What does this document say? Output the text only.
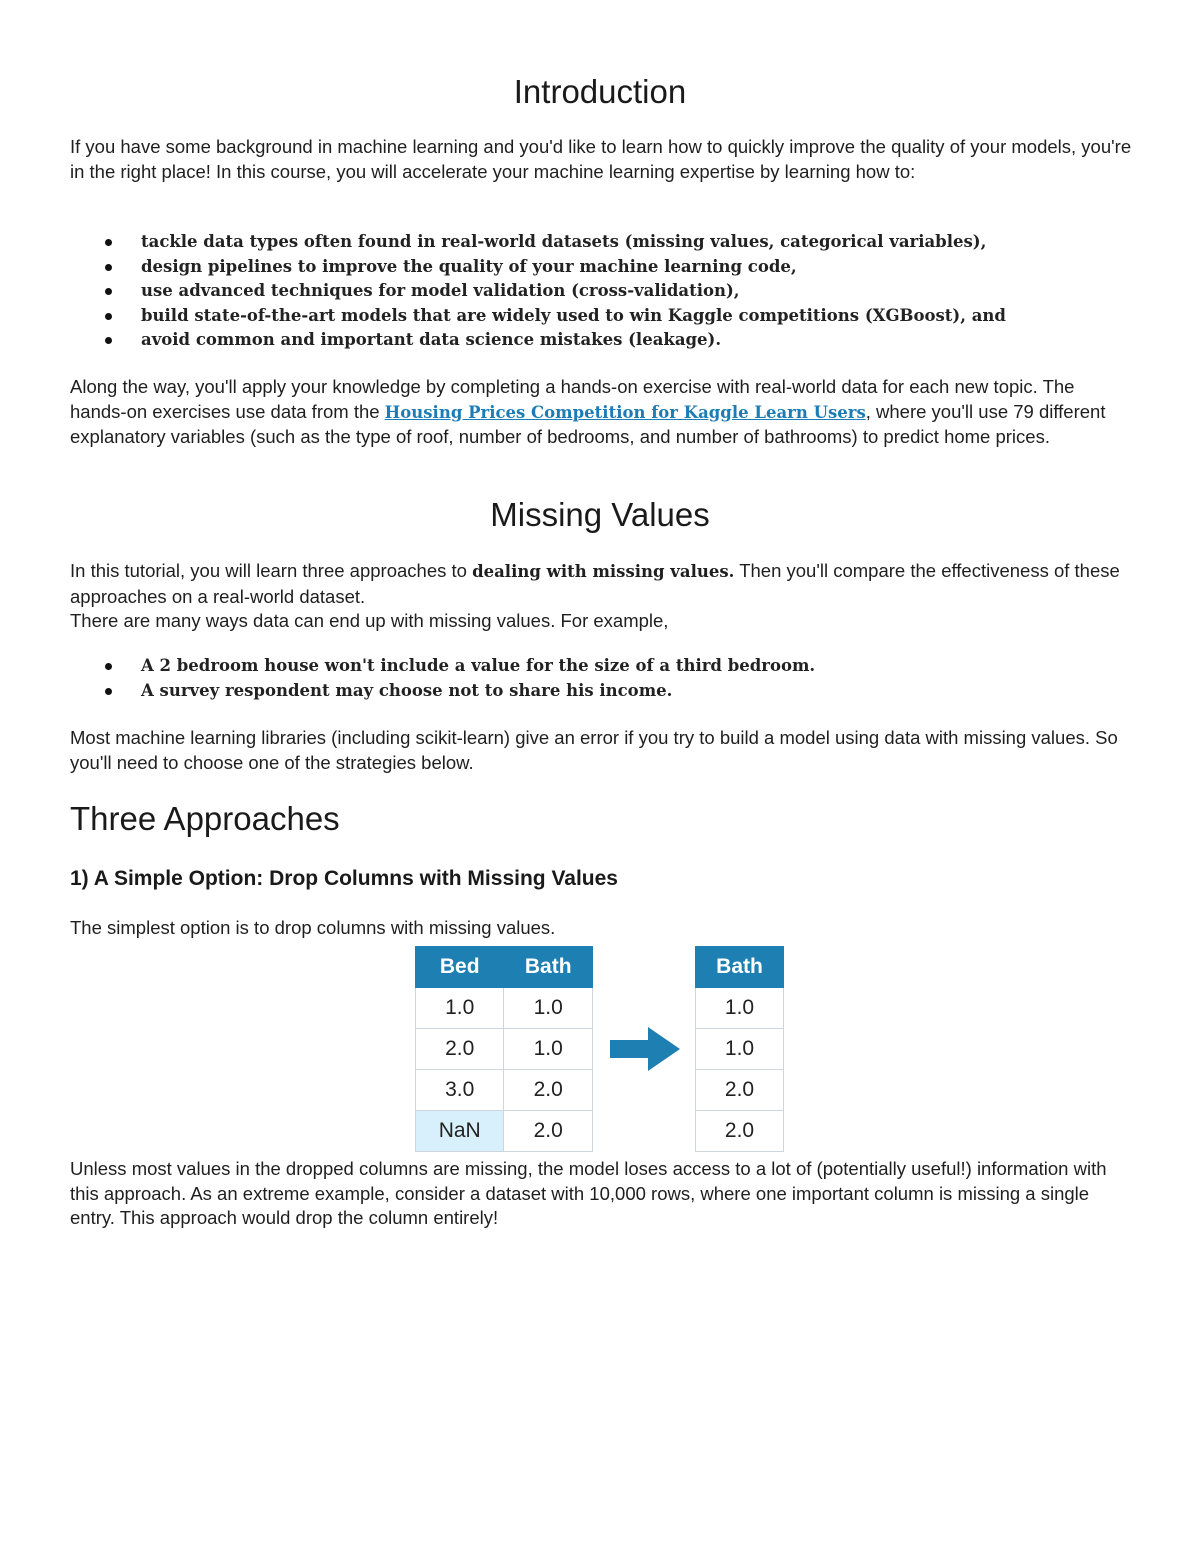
Introduction

If you have some background in machine learning and you'd like to learn how to quickly improve the quality of your models, you're in the right place! In this course, you will accelerate your machine learning expertise by learning how to:

tackle data types often found in real-world datasets (missing values, categorical variables),
design pipelines to improve the quality of your machine learning code,
use advanced techniques for model validation (cross-validation),
build state-of-the-art models that are widely used to win Kaggle competitions (XGBoost), and
avoid common and important data science mistakes (leakage).

Along the way, you'll apply your knowledge by completing a hands-on exercise with real-world data for each new topic. The hands-on exercises use data from the Housing Prices Competition for Kaggle Learn Users, where you'll use 79 different explanatory variables (such as the type of roof, number of bedrooms, and number of bathrooms) to predict home prices.

Missing Values

In this tutorial, you will learn three approaches to dealing with missing values. Then you'll compare the effectiveness of these approaches on a real-world dataset.
There are many ways data can end up with missing values. For example,

A 2 bedroom house won't include a value for the size of a third bedroom.
A survey respondent may choose not to share his income.

Most machine learning libraries (including scikit-learn) give an error if you try to build a model using data with missing values. So you'll need to choose one of the strategies below.

Three Approaches
1) A Simple Option: Drop Columns with Missing Values

The simplest option is to drop columns with missing values.

Bed	Bath
1.0	1.0
2.0	1.0
3.0	2.0
NaN	2.0
Bath
1.0
1.0
2.0
2.0

Unless most values in the dropped columns are missing, the model loses access to a lot of (potentially useful!) information with this approach. As an extreme example, consider a dataset with 10,000 rows, where one important column is missing a single entry. This approach would drop the column entirely!
